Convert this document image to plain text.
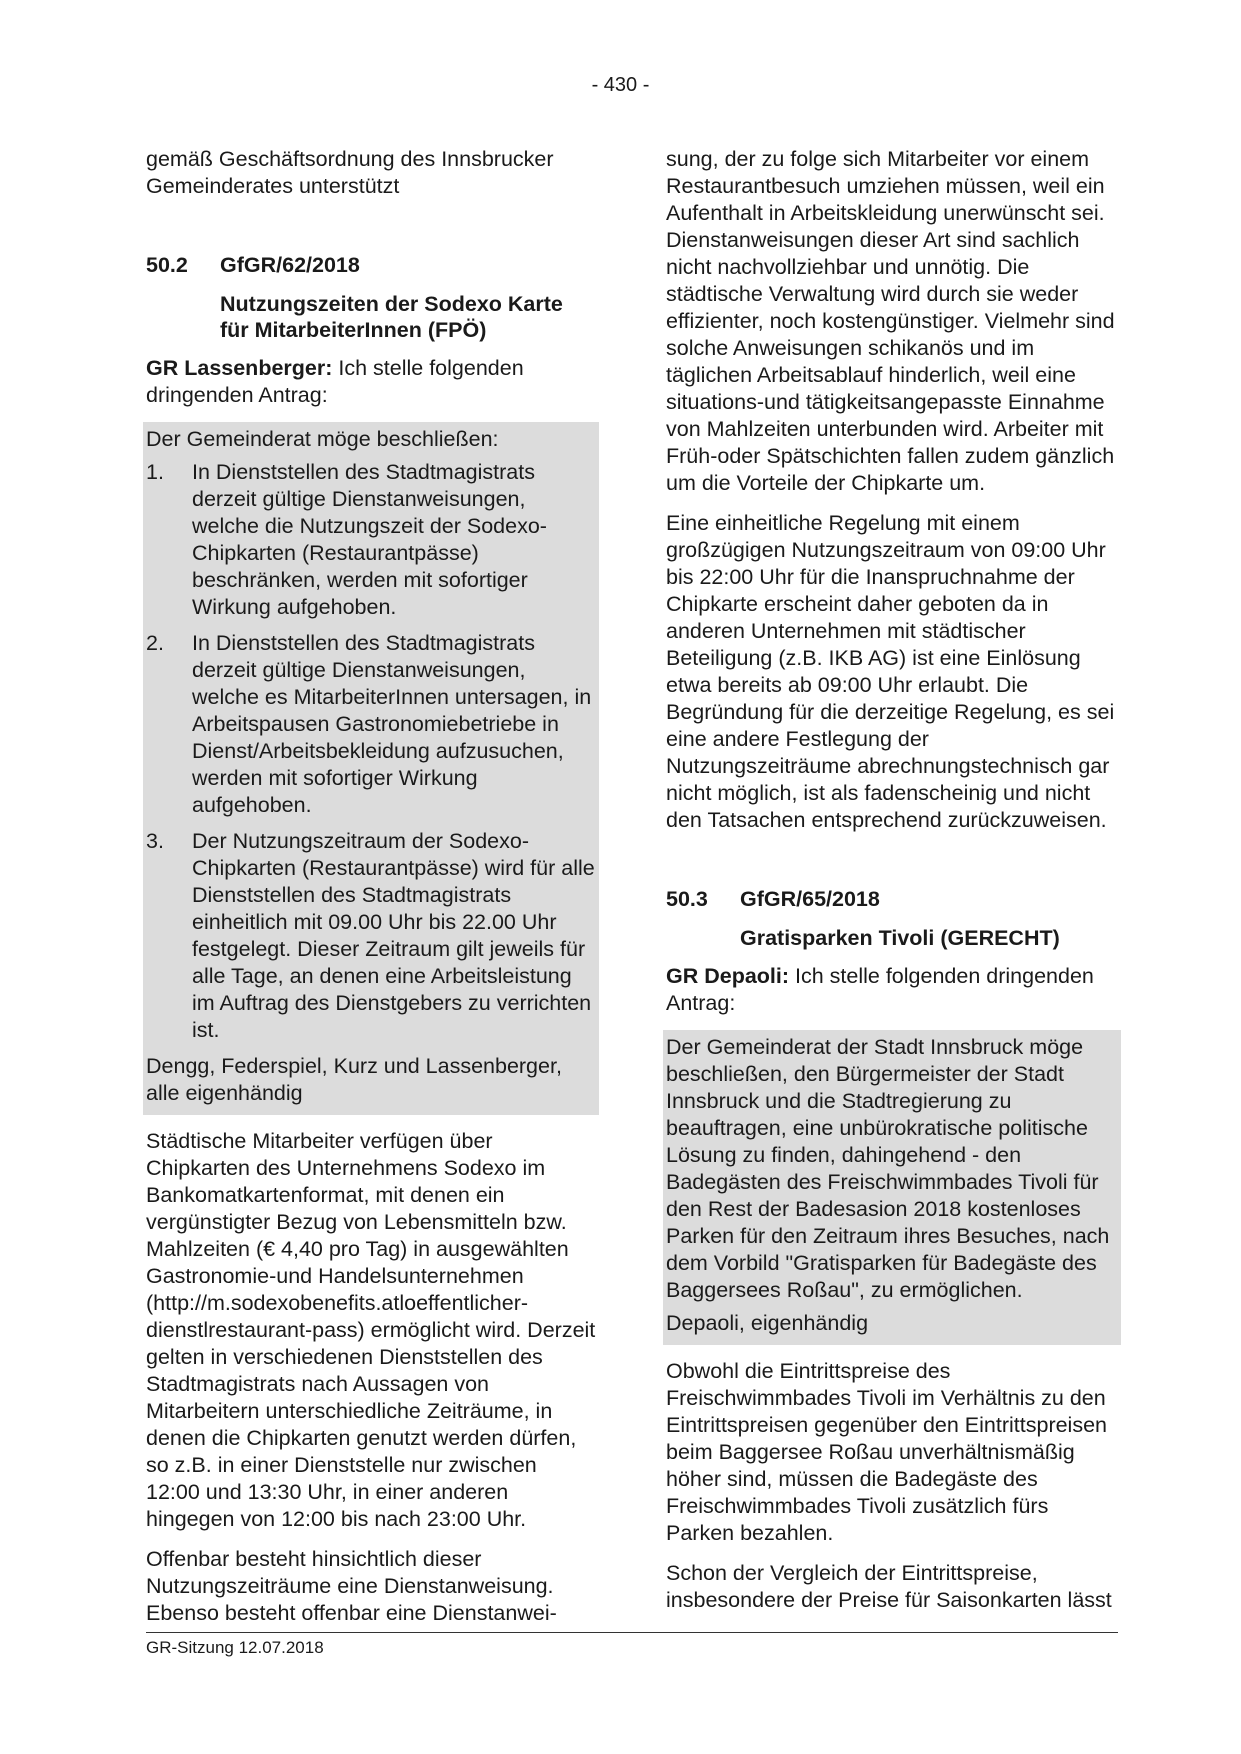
- 430 -

gemäß Geschäftsordnung des Innsbrucker Gemeinderates unterstützt

50.2	GfGR/62/2018
Nutzungszeiten der Sodexo Karte für MitarbeiterInnen (FPÖ)

GR Lassenberger: Ich stelle folgenden dringenden Antrag:

Der Gemeinderat möge beschließen:

1.	In Dienststellen des Stadtmagistrats derzeit gültige Dienstanweisungen, welche die Nutzungszeit der Sodexo-Chipkarten (Restaurantpässe) beschränken, werden mit sofortiger Wirkung aufgehoben.
2.	In Dienststellen des Stadtmagistrats derzeit gültige Dienstanweisungen, welche es MitarbeiterInnen untersagen, in Arbeitspausen Gastronomiebetriebe in Dienst/Arbeitsbekleidung aufzusuchen, werden mit sofortiger Wirkung aufgehoben.
3.	Der Nutzungszeitraum der Sodexo-Chipkarten (Restaurantpässe) wird für alle Dienststellen des Stadtmagistrats einheitlich mit 09.00 Uhr bis 22.00 Uhr festgelegt. Dieser Zeitraum gilt jeweils für alle Tage, an denen eine Arbeitsleistung im Auftrag des Dienstgebers zu verrichten ist.

Dengg, Federspiel, Kurz und Lassenberger, alle eigenhändig

Städtische Mitarbeiter verfügen über Chipkarten des Unternehmens Sodexo im Bankomatkartenformat, mit denen ein vergünstigter Bezug von Lebensmitteln bzw. Mahlzeiten (€ 4,40 pro Tag) in ausgewählten Gastronomie-und Handelsunternehmen (http://m.sodexobenefits.atloeffentlicher-dienstlrestaurant-pass) ermöglicht wird. Derzeit gelten in verschiedenen Dienststellen des Stadtmagistrats nach Aussagen von Mitarbeitern unterschiedliche Zeiträume, in denen die Chipkarten genutzt werden dürfen, so z.B. in einer Dienststelle nur zwischen 12:00 und 13:30 Uhr, in einer anderen hingegen von 12:00 bis nach 23:00 Uhr.

Offenbar besteht hinsichtlich dieser Nutzungszeiträume eine Dienstanweisung. Ebenso besteht offenbar eine Dienstanwei-

sung, der zu folge sich Mitarbeiter vor einem Restaurantbesuch umziehen müssen, weil ein Aufenthalt in Arbeitskleidung unerwünscht sei. Dienstanweisungen dieser Art sind sachlich nicht nachvollziehbar und unnötig. Die städtische Verwaltung wird durch sie weder effizienter, noch kostengünstiger. Vielmehr sind solche Anweisungen schikanös und im täglichen Arbeitsablauf hinderlich, weil eine situations-und tätigkeitsangepasste Einnahme von Mahlzeiten unterbunden wird. Arbeiter mit Früh-oder Spätschichten fallen zudem gänzlich um die Vorteile der Chipkarte um.

Eine einheitliche Regelung mit einem großzügigen Nutzungszeitraum von 09:00 Uhr bis 22:00 Uhr für die Inanspruchnahme der Chipkarte erscheint daher geboten da in anderen Unternehmen mit städtischer Beteiligung (z.B. IKB AG) ist eine Einlösung etwa bereits ab 09:00 Uhr erlaubt. Die Begründung für die derzeitige Regelung, es sei eine andere Festlegung der Nutzungszeiträume abrechnungstechnisch gar nicht möglich, ist als fadenscheinig und nicht den Tatsachen entsprechend zurückzuweisen.

50.3	GfGR/65/2018
Gratisparken Tivoli (GERECHT)

GR Depaoli: Ich stelle folgenden dringenden Antrag:

Der Gemeinderat der Stadt Innsbruck möge beschließen, den Bürgermeister der Stadt Innsbruck und die Stadtregierung zu beauftragen, eine unbürokratische politische Lösung zu finden, dahingehend - den Badegästen des Freischwimmbades Tivoli für den Rest der Badesasion 2018 kostenloses Parken für den Zeitraum ihres Besuches, nach dem Vorbild "Gratisparken für Badegäste des Baggersees Roßau", zu ermöglichen.

Depaoli, eigenhändig

Obwohl die Eintrittspreise des Freischwimmbades Tivoli im Verhältnis zu den Eintrittspreisen gegenüber den Eintrittspreisen beim Baggersee Roßau unverhältnismäßig höher sind, müssen die Badegäste des Freischwimmbades Tivoli zusätzlich fürs Parken bezahlen.

Schon der Vergleich der Eintrittspreise, insbesondere der Preise für Saisonkarten lässt

GR-Sitzung 12.07.2018
